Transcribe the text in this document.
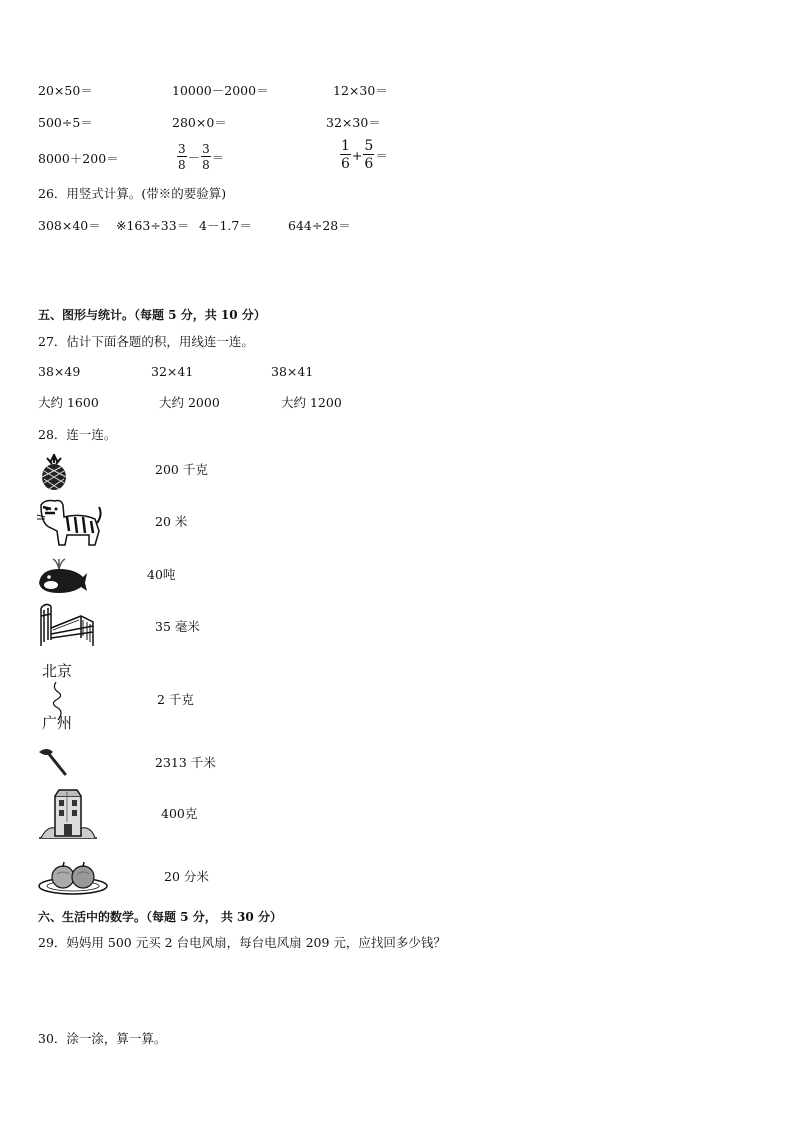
20×50＝	10000－2000＝	12×30＝
500÷5＝	280×0＝	32×30＝
8000＋200＝	$\frac{3}{8} - \frac{3}{8}$ ＝	$\frac{1}{6} + \frac{5}{6}$ ＝
26．用竖式计算。(带※的要验算)
308×40＝ ※163÷33＝ 4－1.7＝	644÷28＝
五、图形与统计。（每题 5 分，共 10 分）
27．估计下面各题的积，用线连一连。
38×49	32×41	38×41
大约 1600	大约 2000	大约 1200
28．连一连。
200 千克
20 米
40吨
35 毫米
北京
广州
2 千克
2313 千米
400克
20 分米
六、生活中的数学。（每题 5 分， 共 30 分）
29．妈妈用 500 元买 2 台电风扇，每台电风扇 209 元，应找回多少钱？
30．涂一涂，算一算。
